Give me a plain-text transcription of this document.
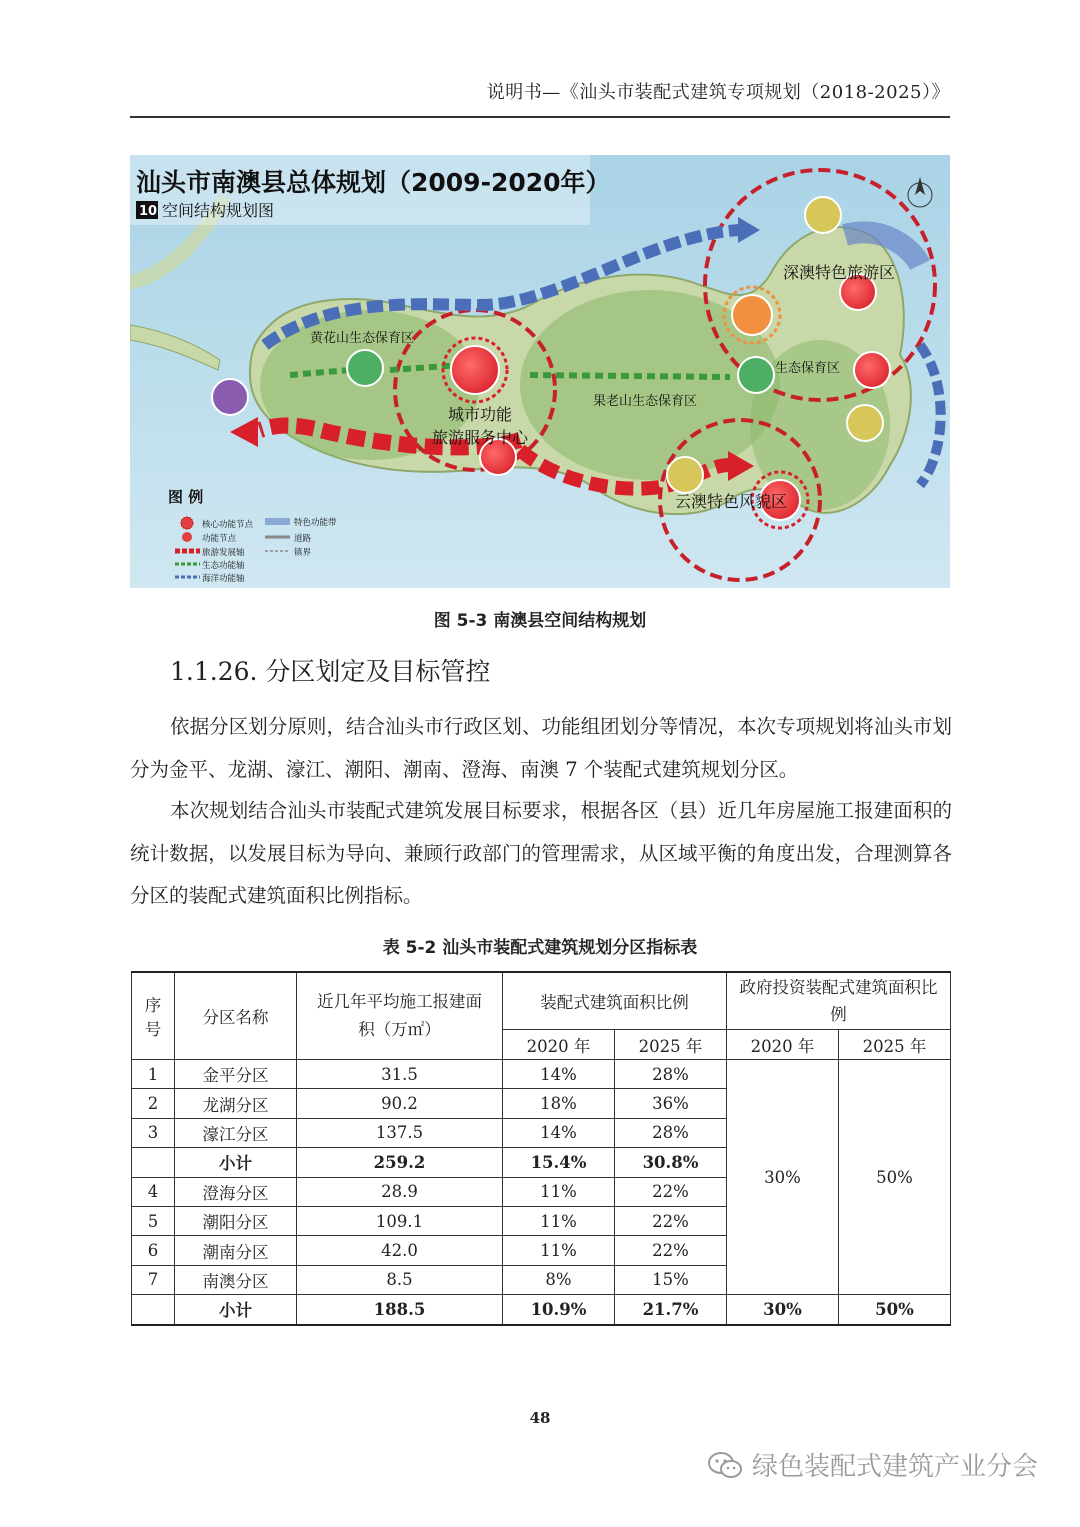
说明书—《汕头市装配式建筑专项规划（2018-2025）》
汕头市南澳县总体规划（2009-2020年）
10 空间结构规划图
黄花山生态保育区
城市功能
旅游服务中心
果老山生态保育区
深澳特色旅游区
生态保育区
云澳特色风貌区
图 例
核心功能节点
功能节点
旅游发展轴
生态功能轴
海洋功能轴
特色功能带
道路
镇界
图 5-3 南澳县空间结构规划
1.1.26. 分区划定及目标管控
依据分区划分原则，结合汕头市行政区划、功能组团划分等情况，本次专项规划将汕头市划分为金平、龙湖、濠江、潮阳、潮南、澄海、南澳 7 个装配式建筑规划分区。
本次规划结合汕头市装配式建筑发展目标要求，根据各区（县）近几年房屋施工报建面积的统计数据，以发展目标为导向、兼顾行政部门的管理需求，从区域平衡的角度出发，合理测算各分区的装配式建筑面积比例指标。
表 5-2 汕头市装配式建筑规划分区指标表
序号	分区名称	近几年平均施工报建面积（万㎡）	装配式建筑面积比例		政府投资装配式建筑面积比例	
			2020 年	2025 年	2020 年	2025 年
1	金平分区	31.5	14%	28%	30%	50%
2	龙湖分区	90.2	18%	36%		
3	濠江分区	137.5	14%	28%		
	小计	259.2	15.4%	30.8%		
4	澄海分区	28.9	11%	22%		
5	潮阳分区	109.1	11%	22%		
6	潮南分区	42.0	11%	22%		
7	南澳分区	8.5	8%	15%		
	小计	188.5	10.9%	21.7%	30%	50%
48
绿色装配式建筑产业分会
